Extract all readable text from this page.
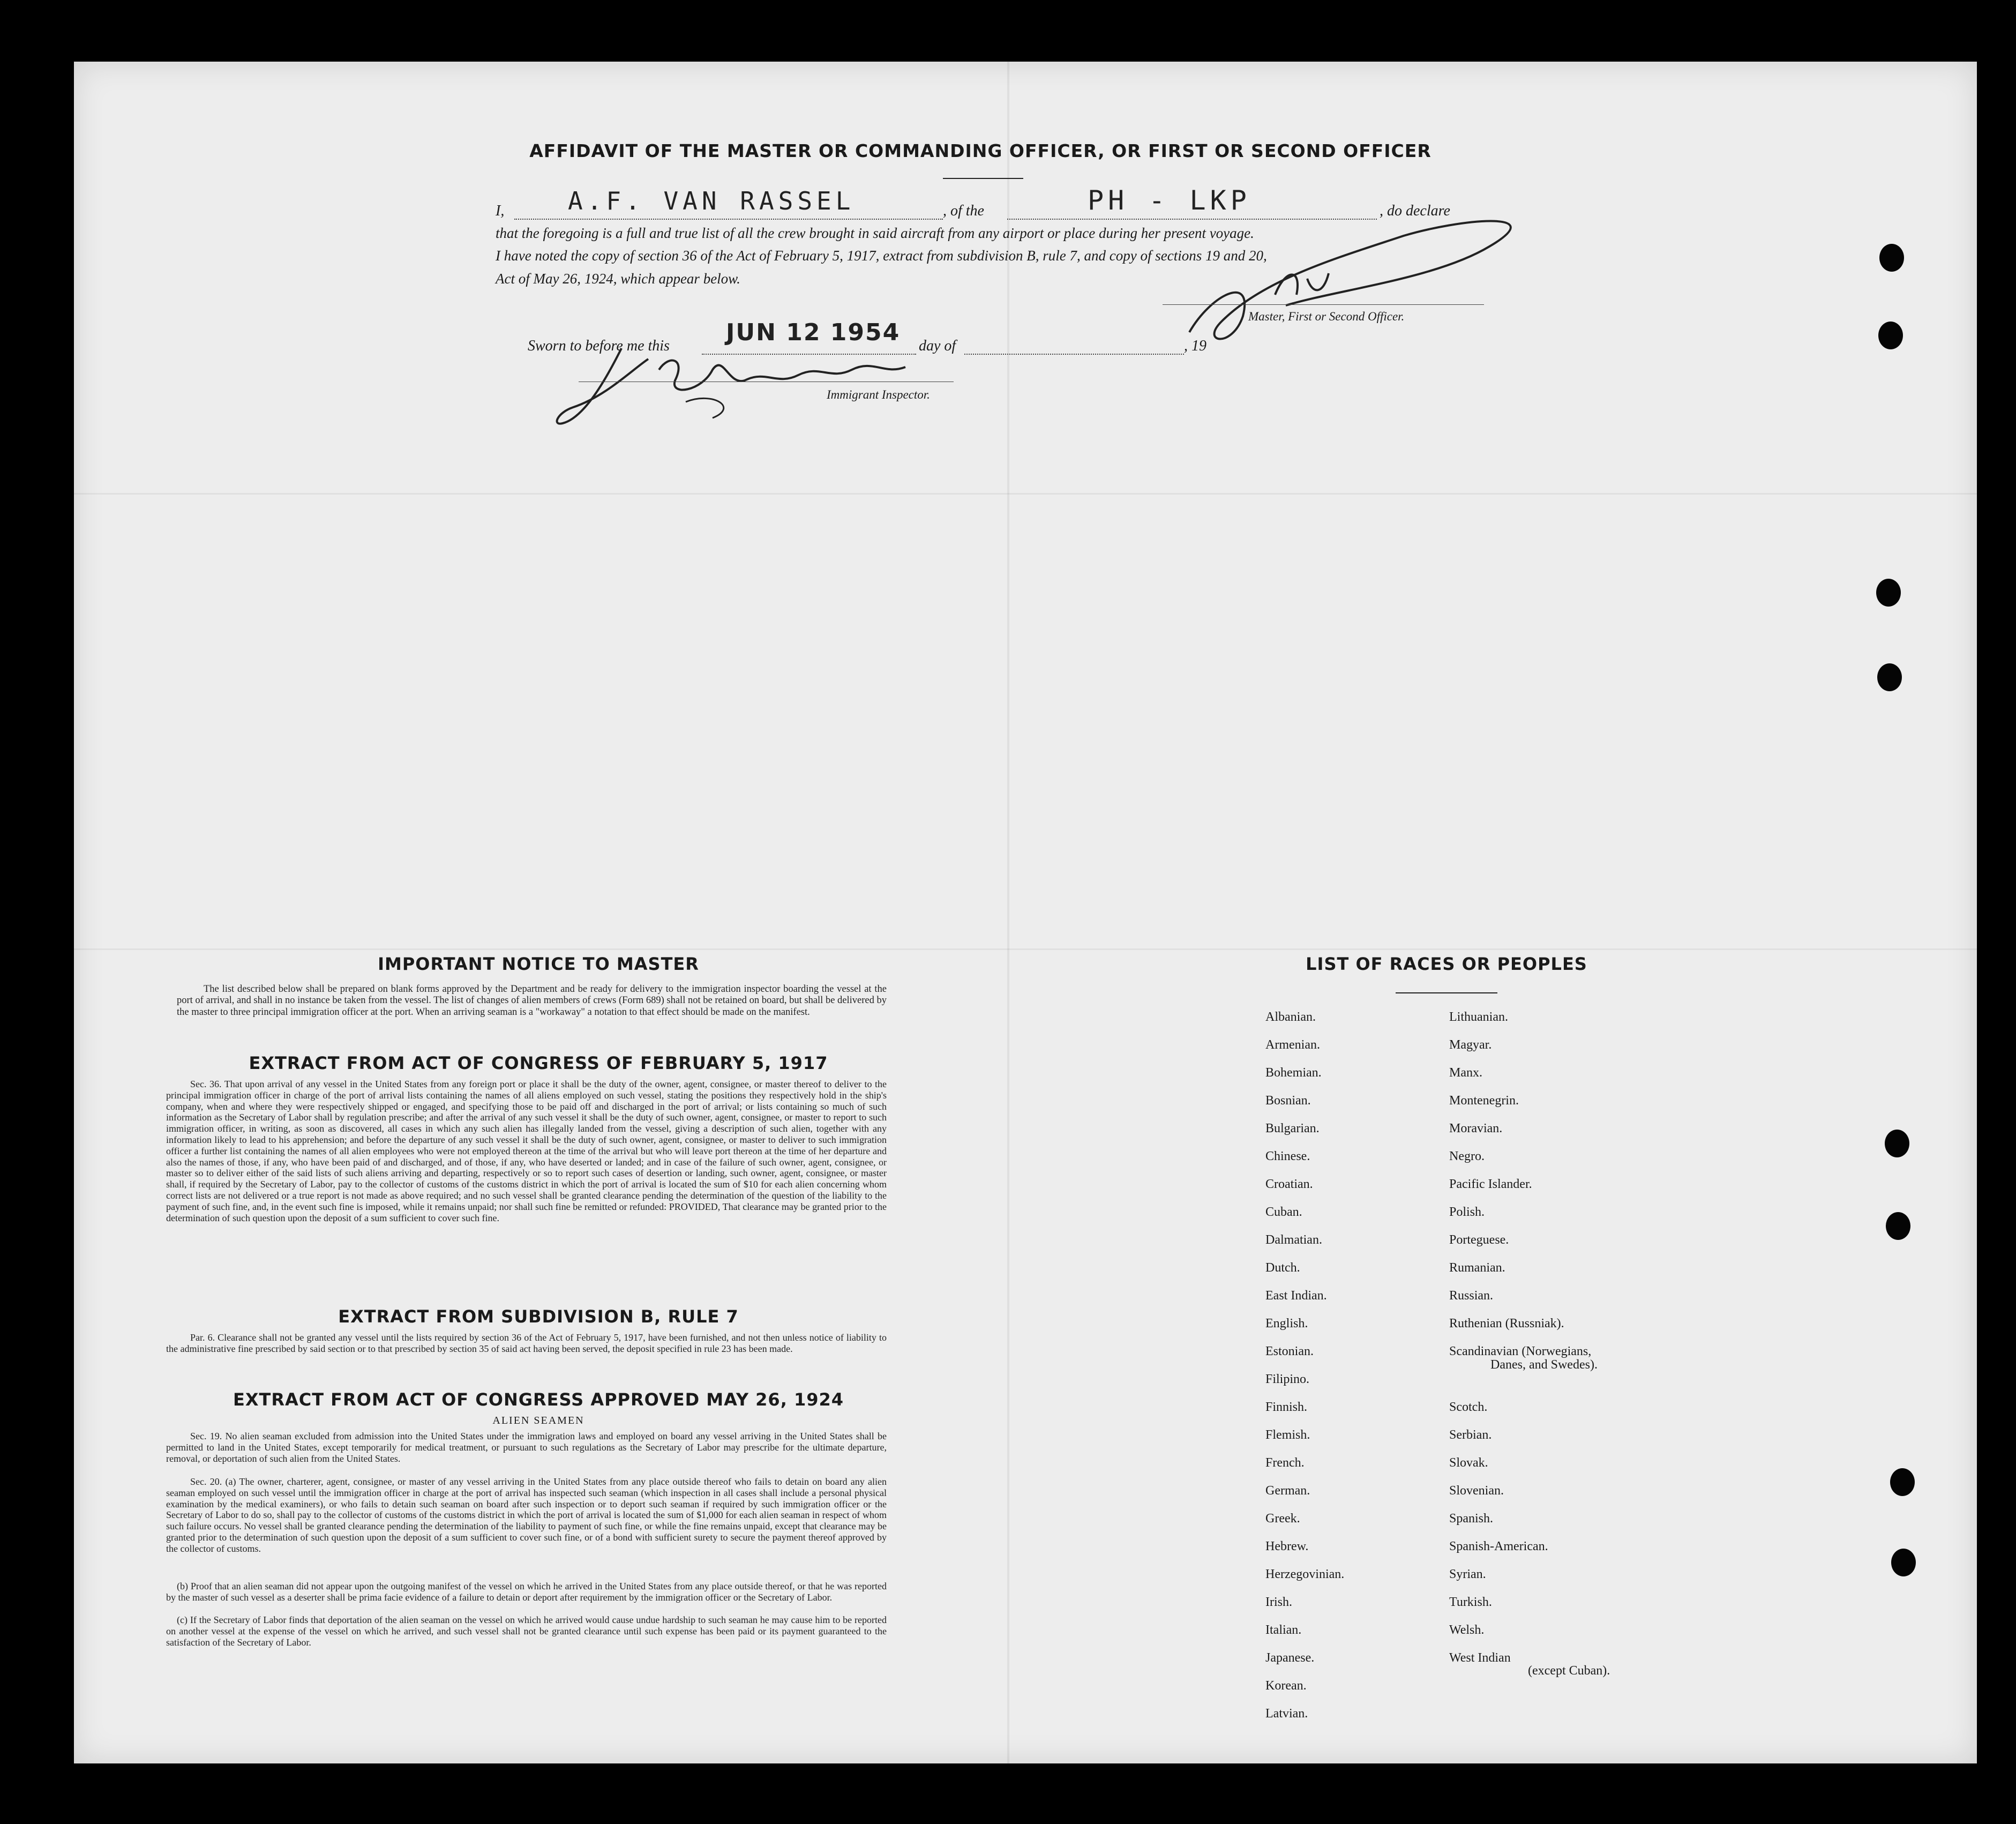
AFFIDAVIT OF THE MASTER OR COMMANDING OFFICER, OR FIRST OR SECOND OFFICER
I,	A.F. VAN RASSEL	, of the	PH - LKP	, do declare
that the foregoing is a full and true list of all the crew brought in said aircraft from any airport or place during her present voyage.
I have noted the copy of section 36 of the Act of February 5, 1917, extract from subdivision B, rule 7, and copy of sections 19 and 20,
Act of May 26, 1924, which appear below.
Master, First or Second Officer.
Sworn to before me this JUN 12 1954 day of	, 19
Immigrant Inspector.
IMPORTANT NOTICE TO MASTER
The list described below shall be prepared on blank forms approved by the Department and be ready for delivery to the immigration inspector boarding the vessel at the port of arrival, and shall in no instance be taken from the vessel. The list of changes of alien members of crews (Form 689) shall not be retained on board, but shall be delivered by the master to three principal immigration officer at the port. When an arriving seaman is a "workaway" a notation to that effect should be made on the manifest.
EXTRACT FROM ACT OF CONGRESS OF FEBRUARY 5, 1917
Sec. 36. That upon arrival of any vessel in the United States from any foreign port or place it shall be the duty of the owner, agent, consignee, or master thereof to deliver to the principal immigration officer in charge of the port of arrival lists containing the names of all aliens employed on such vessel, stating the positions they respectively hold in the ship's company, when and where they were respectively shipped or engaged, and specifying those to be paid off and discharged in the port of arrival; or lists containing so much of such information as the Secretary of Labor shall by regulation prescribe; and after the arrival of any such vessel it shall be the duty of such owner, agent, consignee, or master to report to such immigration officer, in writing, as soon as discovered, all cases in which any such alien has illegally landed from the vessel, giving a description of such alien, together with any information likely to lead to his apprehension; and before the departure of any such vessel it shall be the duty of such owner, agent, consignee, or master to deliver to such immigration officer a further list containing the names of all alien employees who were not employed thereon at the time of the arrival but who will leave port thereon at the time of her departure and also the names of those, if any, who have been paid of and discharged, and of those, if any, who have deserted or landed; and in case of the failure of such owner, agent, consignee, or master so to deliver either of the said lists of such aliens arriving and departing, respectively or so to report such cases of desertion or landing, such owner, agent, consignee, or master shall, if required by the Secretary of Labor, pay to the collector of customs of the customs district in which the port of arrival is located the sum of $10 for each alien concerning whom correct lists are not delivered or a true report is not made as above required; and no such vessel shall be granted clearance pending the determination of the question of the liability to the payment of such fine, and, in the event such fine is imposed, while it remains unpaid; nor shall such fine be remitted or refunded: PROVIDED, That clearance may be granted prior to the determination of such question upon the deposit of a sum sufficient to cover such fine.
EXTRACT FROM SUBDIVISION B, RULE 7
Par. 6. Clearance shall not be granted any vessel until the lists required by section 36 of the Act of February 5, 1917, have been furnished, and not then unless notice of liability to the administrative fine prescribed by said section or to that prescribed by section 35 of said act having been served, the deposit specified in rule 23 has been made.
EXTRACT FROM ACT OF CONGRESS APPROVED MAY 26, 1924
ALIEN SEAMEN
Sec. 19. No alien seaman excluded from admission into the United States under the immigration laws and employed on board any vessel arriving in the United States shall be permitted to land in the United States, except temporarily for medical treatment, or pursuant to such regulations as the Secretary of Labor may prescribe for the ultimate departure, removal, or deportation of such alien from the United States.
Sec. 20. (a) The owner, charterer, agent, consignee, or master of any vessel arriving in the United States from any place outside thereof who fails to detain on board any alien seaman employed on such vessel until the immigration officer in charge at the port of arrival has inspected such seaman (which inspection in all cases shall include a personal physical examination by the medical examiners), or who fails to detain such seaman on board after such inspection or to deport such seaman if required by such immigration officer or the Secretary of Labor to do so, shall pay to the collector of customs of the customs district in which the port of arrival is located the sum of $1,000 for each alien seaman in respect of whom such failure occurs. No vessel shall be granted clearance pending the determination of the liability to payment of such fine, or while the fine remains unpaid, except that clearance may be granted prior to the determination of such question upon the deposit of a sum sufficient to cover such fine, or of a bond with sufficient surety to secure the payment thereof approved by the collector of customs.
(b) Proof that an alien seaman did not appear upon the outgoing manifest of the vessel on which he arrived in the United States from any place outside thereof, or that he was reported by the master of such vessel as a deserter shall be prima facie evidence of a failure to detain or deport after requirement by the immigration officer or the Secretary of Labor.
(c) If the Secretary of Labor finds that deportation of the alien seaman on the vessel on which he arrived would cause undue hardship to such seaman he may cause him to be reported on another vessel at the expense of the vessel on which he arrived, and such vessel shall not be granted clearance until such expense has been paid or its payment guaranteed to the satisfaction of the Secretary of Labor.
LIST OF RACES OR PEOPLES
Albanian.
Armenian.
Bohemian.
Bosnian.
Bulgarian.
Chinese.
Croatian.
Cuban.
Dalmatian.
Dutch.
East Indian.
English.
Estonian.
Filipino.
Finnish.
Flemish.
French.
German.
Greek.
Hebrew.
Herzegovinian.
Irish.
Italian.
Japanese.
Korean.
Latvian.
Lithuanian.
Magyar.
Manx.
Montenegrin.
Moravian.
Negro.
Pacific Islander.
Polish.
Porteguese.
Rumanian.
Russian.
Ruthenian (Russniak).
Scandinavian (Norwegians,
Scotch.
Serbian.
Slovak.
Slovenian.
Spanish.
Spanish-American.
Syrian.
Turkish.
Welsh.
West Indian
Danes, and Swedes).
(except Cuban).
